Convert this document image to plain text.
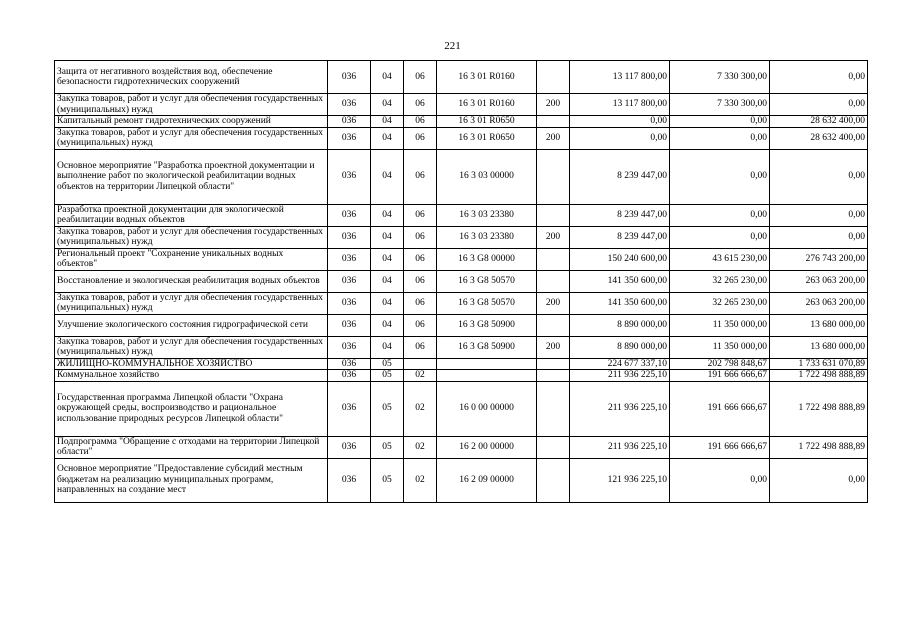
221
Защита от негативного воздействия вод, обеспечение безопасности гидротехнических сооружений	036	04	06	16 3 01 R0160		13 117 800,00	7 330 300,00	0,00
Закупка товаров, работ и услуг для обеспечения государственных (муниципальных) нужд	036	04	06	16 3 01 R0160	200	13 117 800,00	7 330 300,00	0,00
Капитальный ремонт гидротехнических сооружений	036	04	06	16 3 01 R0650		0,00	0,00	28 632 400,00
Закупка товаров, работ и услуг для обеспечения государственных (муниципальных) нужд	036	04	06	16 3 01 R0650	200	0,00	0,00	28 632 400,00
Основное мероприятие "Разработка проектной документации и выполнение работ по экологической реабилитации водных объектов на территории Липецкой области"	036	04	06	16 3 03 00000		8 239 447,00	0,00	0,00
Разработка проектной документации для экологической реабилитации водных объектов	036	04	06	16 3 03 23380		8 239 447,00	0,00	0,00
Закупка товаров, работ и услуг для обеспечения государственных (муниципальных) нужд	036	04	06	16 3 03 23380	200	8 239 447,00	0,00	0,00
Региональный проект "Сохранение уникальных водных объектов"	036	04	06	16 3 G8 00000		150 240 600,00	43 615 230,00	276 743 200,00
Восстановление и экологическая реабилитация водных объектов	036	04	06	16 3 G8 50570		141 350 600,00	32 265 230,00	263 063 200,00
Закупка товаров, работ и услуг для обеспечения государственных (муниципальных) нужд	036	04	06	16 3 G8 50570	200	141 350 600,00	32 265 230,00	263 063 200,00
Улучшение экологического состояния гидрографической сети	036	04	06	16 3 G8 50900		8 890 000,00	11 350 000,00	13 680 000,00
Закупка товаров, работ и услуг для обеспечения государственных (муниципальных) нужд	036	04	06	16 3 G8 50900	200	8 890 000,00	11 350 000,00	13 680 000,00
ЖИЛИЩНО-КОММУНАЛЬНОЕ ХОЗЯЙСТВО	036	05				224 677 337,10	202 798 848,67	1 733 631 070,89
Коммунальное хозяйство	036	05	02			211 936 225,10	191 666 666,67	1 722 498 888,89
Государственная программа Липецкой области "Охрана окружающей среды, воспроизводство и рациональное использование природных ресурсов Липецкой области"	036	05	02	16 0 00 00000		211 936 225,10	191 666 666,67	1 722 498 888,89
Подпрограмма "Обращение с отходами на территории Липецкой области"	036	05	02	16 2 00 00000		211 936 225,10	191 666 666,67	1 722 498 888,89
Основное мероприятие "Предоставление субсидий местным бюджетам на реализацию муниципальных программ, направленных на создание мест	036	05	02	16 2 09 00000		121 936 225,10	0,00	0,00
